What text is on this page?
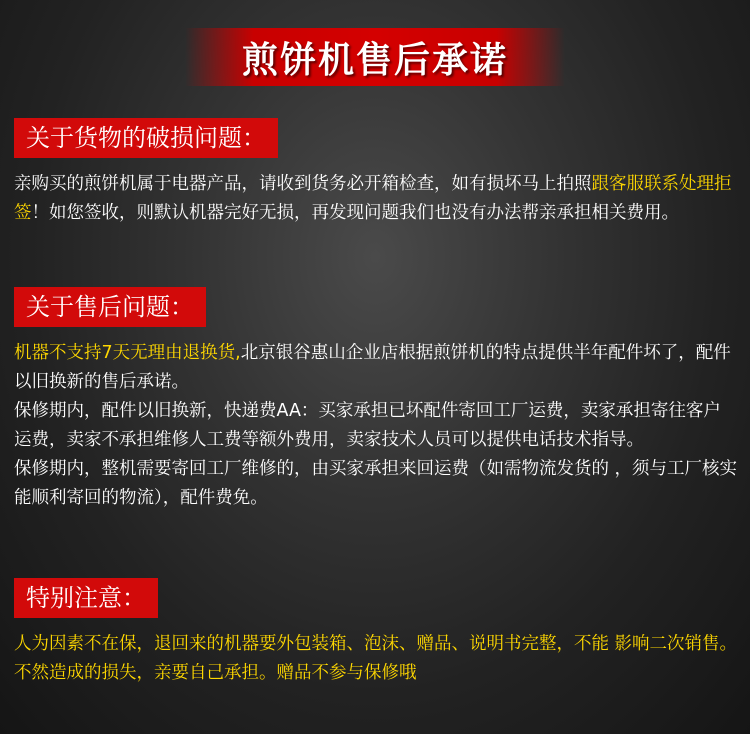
煎饼机售后承诺
关于货物的破损问题：

亲购买的煎饼机属于电器产品，请收到货务必开箱检查，如有损坏马上拍照跟客服联系处理拒签！如您签收，则默认机器完好无损，再发现问题我们也没有办法帮亲承担相关费用。

关于售后问题：

机器不支持7天无理由退换货,北京银谷惠山企业店根据煎饼机的特点提供半年配件坏了，配件以旧换新的售后承诺。

保修期内，配件以旧换新，快递费AA：买家承担已坏配件寄回工厂运费，卖家承担寄往客户运费，卖家不承担维修人工费等额外费用，卖家技术人员可以提供电话技术指导。

保修期内，整机需要寄回工厂维修的，由买家承担来回运费（如需物流发货的 ，须与工厂核实能顺利寄回的物流），配件费免。

特别注意：

人为因素不在保，退回来的机器要外包装箱、泡沫、赠品、说明书完整，不能 影响二次销售。不然造成的损失，亲要自己承担。赠品不参与保修哦
